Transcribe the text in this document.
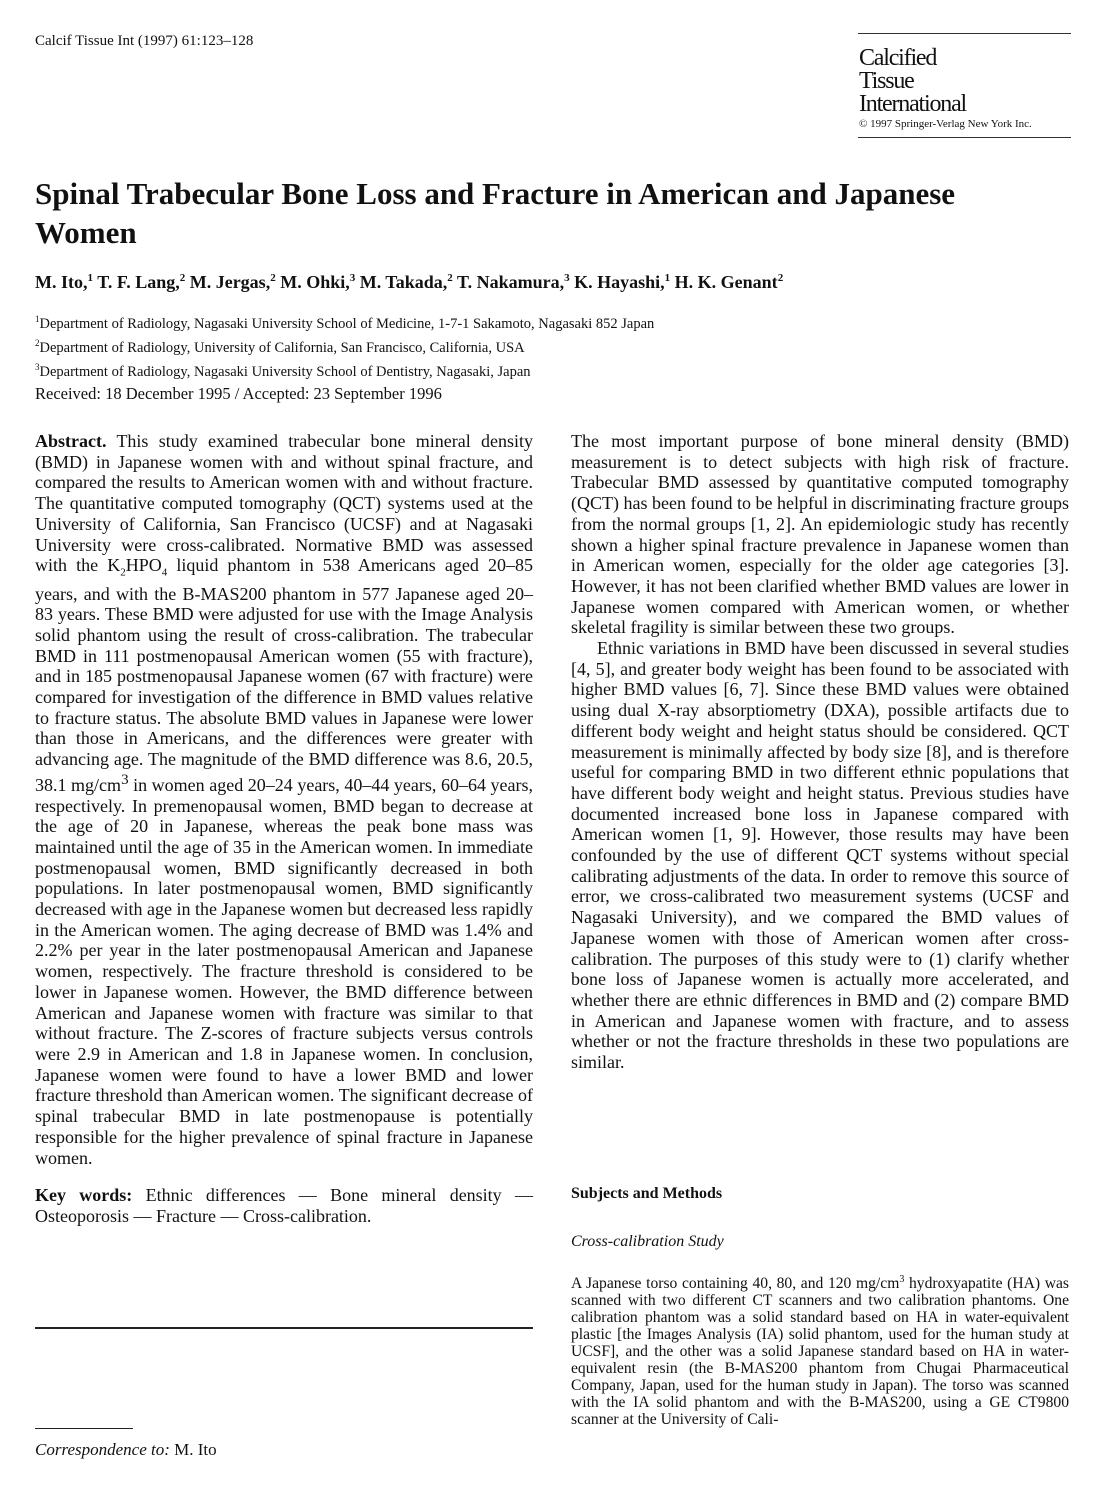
Calcif Tissue Int (1997) 61:123–128
Calcified
Tissue
International
© 1997 Springer-Verlag New York Inc.
Spinal Trabecular Bone Loss and Fracture in American and Japanese Women
M. Ito,$^1$ T. F. Lang,$^2$ M. Jergas,$^2$ M. Ohki,$^3$ M. Takada,$^2$ T. Nakamura,$^3$ K. Hayashi,$^1$ H. K. Genant$^2$
$^1$Department of Radiology, Nagasaki University School of Medicine, 1-7-1 Sakamoto, Nagasaki 852 Japan
$^2$Department of Radiology, University of California, San Francisco, California, USA
$^3$Department of Radiology, Nagasaki University School of Dentistry, Nagasaki, Japan
Received: 18 December 1995 / Accepted: 23 September 1996

Abstract. This study examined trabecular bone mineral density (BMD) in Japanese women with and without spinal fracture, and compared the results to American women with and without fracture. The quantitative computed tomography (QCT) systems used at the University of California, San Francisco (UCSF) and at Nagasaki University were cross-calibrated. Normative BMD was assessed with the $K_2HPO_4$ liquid phantom in 538 Americans aged 20–85 years, and with the B-MAS200 phantom in 577 Japanese aged 20–83 years. These BMD were adjusted for use with the Image Analysis solid phantom using the result of cross-calibration. The trabecular BMD in 111 postmenopausal American women (55 with fracture), and in 185 postmenopausal Japanese women (67 with fracture) were compared for investigation of the difference in BMD values relative to fracture status. The absolute BMD values in Japanese were lower than those in Americans, and the differences were greater with advancing age. The magnitude of the BMD difference was 8.6, 20.5, 38.1 $mg/cm^3$ in women aged 20–24 years, 40–44 years, 60–64 years, respectively. In premenopausal women, BMD began to decrease at the age of 20 in Japanese, whereas the peak bone mass was maintained until the age of 35 in the American women. In immediate postmenopausal women, BMD significantly decreased in both populations. In later postmenopausal women, BMD significantly decreased with age in the Japanese women but decreased less rapidly in the American women. The aging decrease of BMD was 1.4% and 2.2% per year in the later postmenopausal American and Japanese women, respectively. The fracture threshold is considered to be lower in Japanese women. However, the BMD difference between American and Japanese women with fracture was similar to that without fracture. The Z-scores of fracture subjects versus controls were 2.9 in American and 1.8 in Japanese women. In conclusion, Japanese women were found to have a lower BMD and lower fracture threshold than American women. The significant decrease of spinal trabecular BMD in late postmenopause is potentially responsible for the higher prevalence of spinal fracture in Japanese women.

Key words: Ethnic differences — Bone mineral density — Osteoporosis — Fracture — Cross-calibration.

Correspondence to: M. Ito

The most important purpose of bone mineral density (BMD) measurement is to detect subjects with high risk of fracture. Trabecular BMD assessed by quantitative computed tomography (QCT) has been found to be helpful in discriminating fracture groups from the normal groups [1, 2]. An epidemiologic study has recently shown a higher spinal fracture prevalence in Japanese women than in American women, especially for the older age categories [3]. However, it has not been clarified whether BMD values are lower in Japanese women compared with American women, or whether skeletal fragility is similar between these two groups.

Ethnic variations in BMD have been discussed in several studies [4, 5], and greater body weight has been found to be associated with higher BMD values [6, 7]. Since these BMD values were obtained using dual X-ray absorptiometry (DXA), possible artifacts due to different body weight and height status should be considered. QCT measurement is minimally affected by body size [8], and is therefore useful for comparing BMD in two different ethnic populations that have different body weight and height status. Previous studies have documented increased bone loss in Japanese compared with American women [1, 9]. However, those results may have been confounded by the use of different QCT systems without special calibrating adjustments of the data. In order to remove this source of error, we cross-calibrated two measurement systems (UCSF and Nagasaki University), and we compared the BMD values of Japanese women with those of American women after cross-calibration. The purposes of this study were to (1) clarify whether bone loss of Japanese women is actually more accelerated, and whether there are ethnic differences in BMD and (2) compare BMD in American and Japanese women with fracture, and to assess whether or not the fracture thresholds in these two populations are similar.

Subjects and Methods
Cross-calibration Study
A Japanese torso containing 40, 80, and 120 $mg/cm^3$ hydroxyapatite (HA) was scanned with two different CT scanners and two calibration phantoms. One calibration phantom was a solid standard based on HA in water-equivalent plastic [the Images Analysis (IA) solid phantom, used for the human study at UCSF], and the other was a solid Japanese standard based on HA in water-equivalent resin (the B-MAS200 phantom from Chugai Pharmaceutical Company, Japan, used for the human study in Japan). The torso was scanned with the IA solid phantom and with the B-MAS200, using a GE CT9800 scanner at the University of Cali-
